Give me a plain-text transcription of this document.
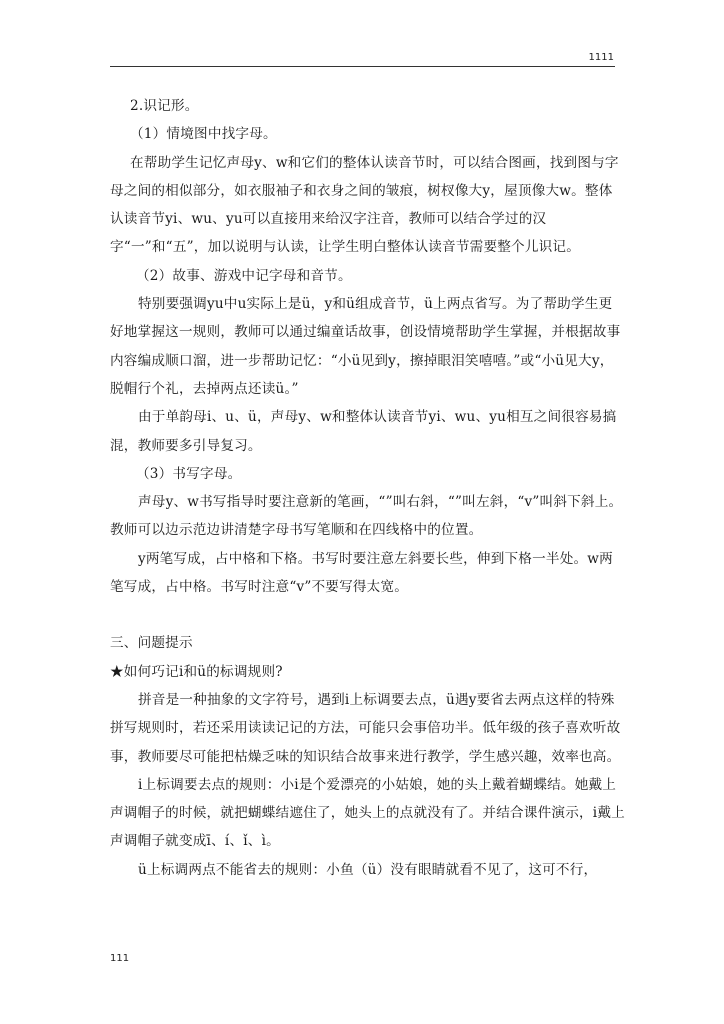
1111

2.识记形。

（1）情境图中找字母。

在帮助学生记忆声母y、w和它们的整体认读音节时，可以结合图画，找到图与字母之间的相似部分，如衣服袖子和衣身之间的皱痕，树杈像大y，屋顶像大w。整体认读音节yi、wu、yu可以直接用来给汉字注音，教师可以结合学过的汉字“一”和“五”，加以说明与认读，让学生明白整体认读音节需要整个儿识记。

（2）故事、游戏中记字母和音节。

特别要强调yu中u实际上是ü，y和ü组成音节，ü上两点省写。为了帮助学生更好地掌握这一规则，教师可以通过编童话故事，创设情境帮助学生掌握，并根据故事内容编成顺口溜，进一步帮助记忆：“小ü见到y，擦掉眼泪笑嘻嘻。”或“小ü见大y，脱帽行个礼，去掉两点还读ü。”

由于单韵母i、u、ü，声母y、w和整体认读音节yi、wu、yu相互之间很容易搞混，教师要多引导复习。

（3）书写字母。

声母y、w书写指导时要注意新的笔画，“”叫右斜，“”叫左斜，“v”叫斜下斜上。教师可以边示范边讲清楚字母书写笔顺和在四线格中的位置。

y两笔写成，占中格和下格。书写时要注意左斜要长些，伸到下格一半处。w两笔写成，占中格。书写时注意“v”不要写得太宽。

三、问题提示

★如何巧记i和ü的标调规则?

拼音是一种抽象的文字符号，遇到i上标调要去点，ü遇y要省去两点这样的特殊拼写规则时，若还采用读读记记的方法，可能只会事倍功半。低年级的孩子喜欢听故事，教师要尽可能把枯燥乏味的知识结合故事来进行教学，学生感兴趣，效率也高。

i上标调要去点的规则：小i是个爱漂亮的小姑娘，她的头上戴着蝴蝶结。她戴上声调帽子的时候，就把蝴蝶结遮住了，她头上的点就没有了。并结合课件演示，i戴上声调帽子就变成ī、í、ǐ、ì。

ü上标调两点不能省去的规则：小鱼（ü）没有眼睛就看不见了，这可不行，

111
